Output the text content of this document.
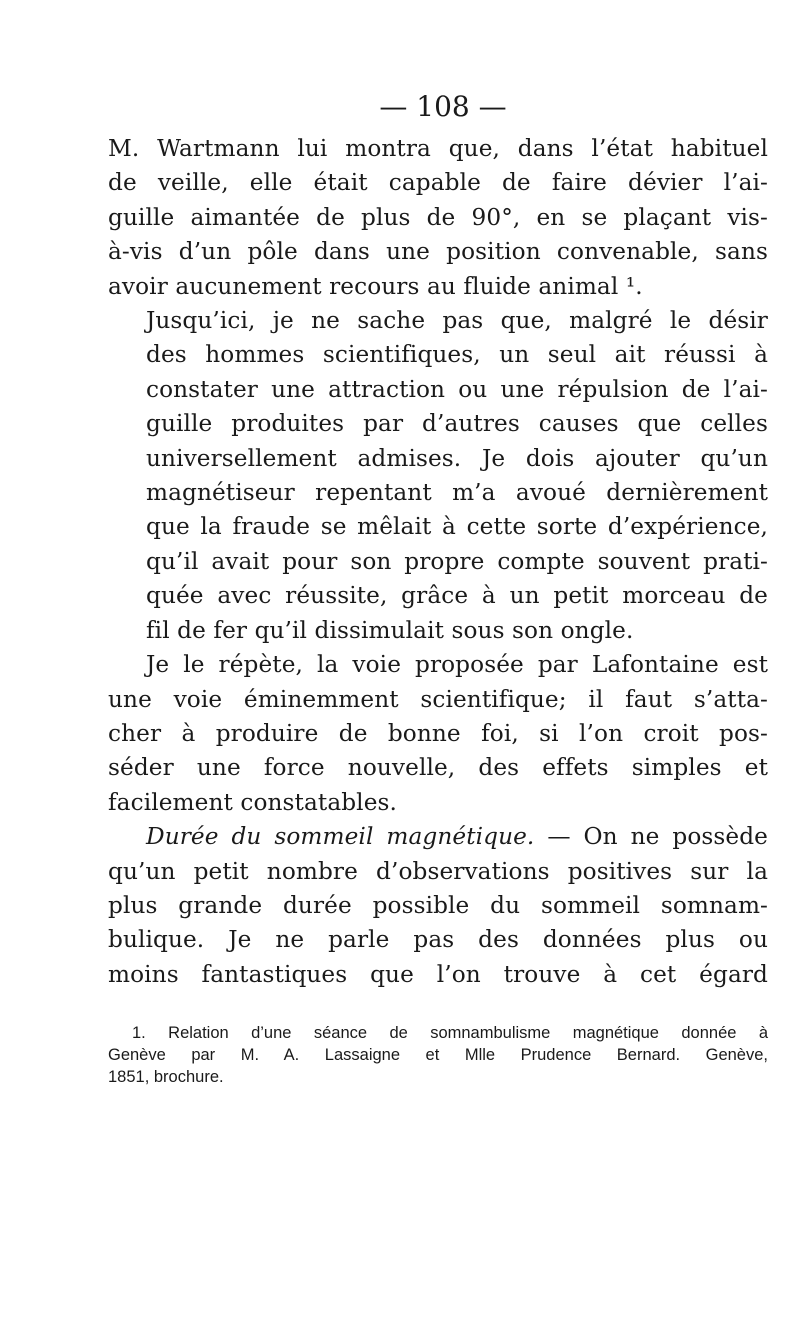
— 108 —

M. Wartmann lui montra que, dans l’état habituel
de veille, elle était capable de faire dévier l’ai-
guille aimantée de plus de 90°, en se plaçant vis-
à-vis d’un pôle dans une position convenable, sans
avoir aucunement recours au fluide animal ¹.

Jusqu’ici, je ne sache pas que, malgré le désir
des hommes scientifiques, un seul ait réussi à
constater une attraction ou une répulsion de l’ai-
guille produites par d’autres causes que celles
universellement admises. Je dois ajouter qu’un
magnétiseur repentant m’a avoué dernièrement
que la fraude se mêlait à cette sorte d’expérience,
qu’il avait pour son propre compte souvent prati-
quée avec réussite, grâce à un petit morceau de
fil de fer qu’il dissimulait sous son ongle.

Je le répète, la voie proposée par Lafontaine est
une voie éminemment scientifique; il faut s’atta-
cher à produire de bonne foi, si l’on croit pos-
séder une force nouvelle, des effets simples et
facilement constatables.

Durée du sommeil magnétique. — On ne possède
qu’un petit nombre d’observations positives sur la
plus grande durée possible du sommeil somnam-
bulique. Je ne parle pas des données plus ou
moins fantastiques que l’on trouve à cet égard

1. Relation d’une séance de somnambulisme magnétique donnée à
Genève par M. A. Lassaigne et Mlle Prudence Bernard. Genève,
1851, brochure.
